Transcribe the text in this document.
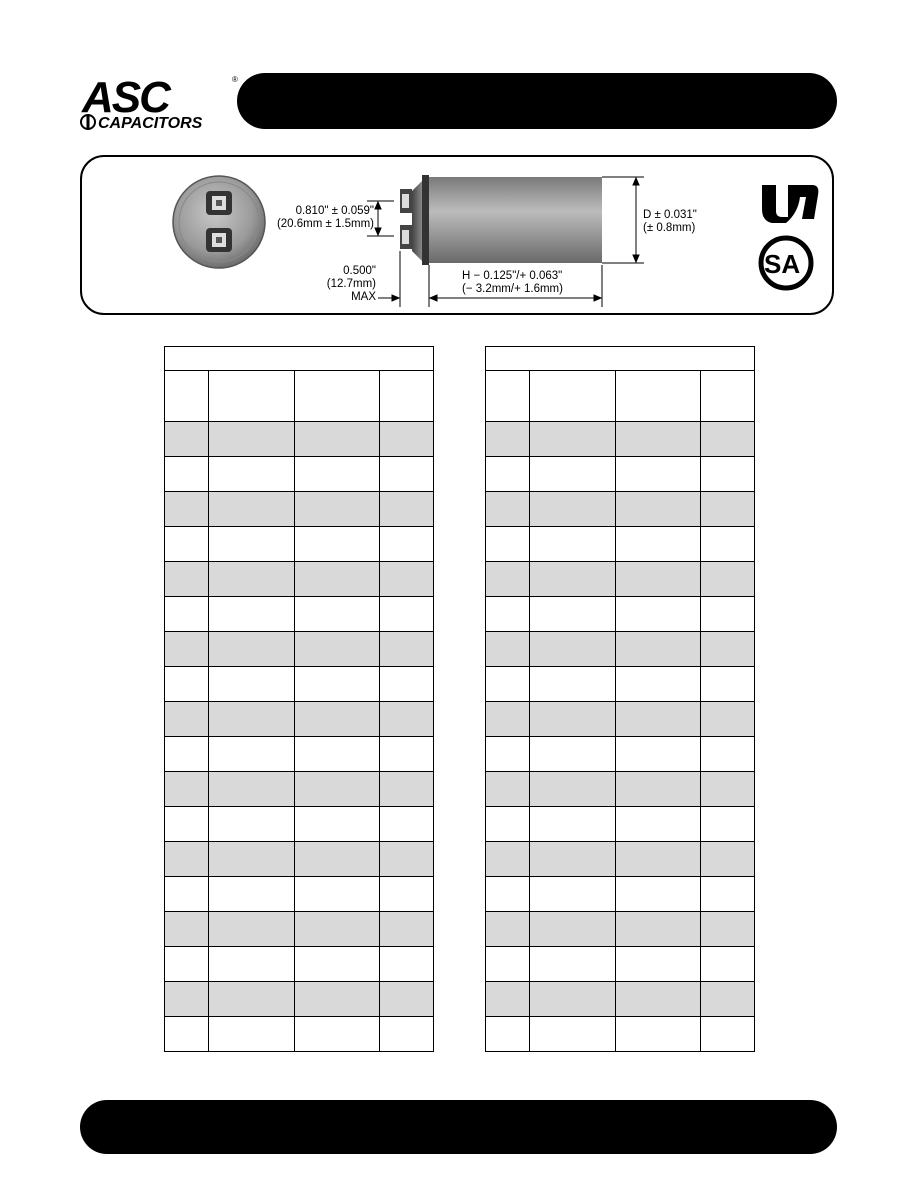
ASC	®
CAPACITORS
SA
0.810" ± 0.059"
(20.6mm ± 1.5mm)
0.500"
(12.7mm)
MAX
H − 0.125"/+ 0.063"
(− 3.2mm/+ 1.6mm)
D ± 0.031"
(± 0.8mm)
